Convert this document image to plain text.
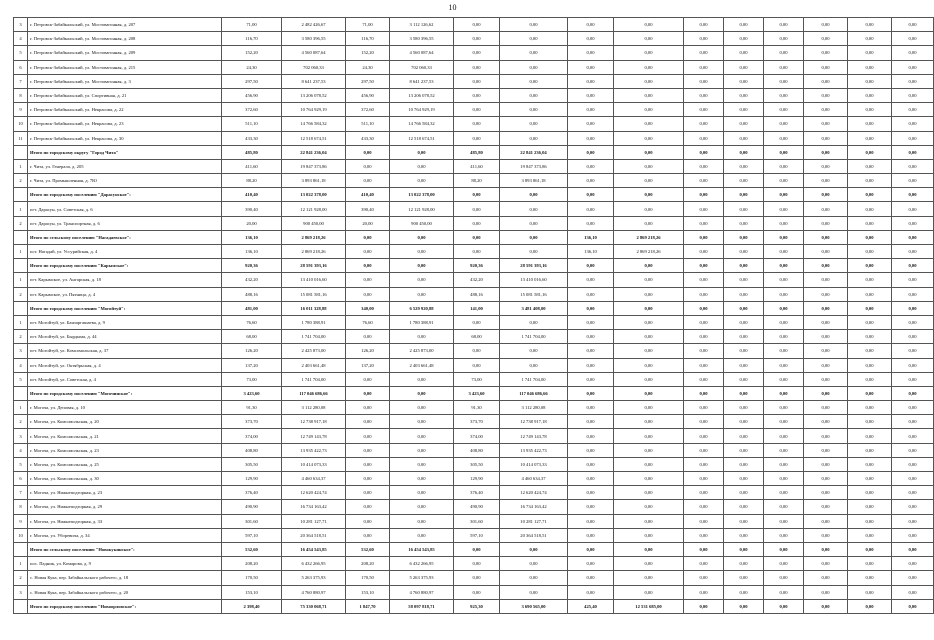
10
3	г. Петровск-Забайкальский, ул. Мостовагонная, д. 207	71,00	2 482 426,67	71,00	3 112 126,62	0,00	0,00	0,00	0,00	0,00	0,00	0,00	0,00	0,00	0,00
4	г. Петровск-Забайкальский, ул. Мостовагонная, д. 208	116,70	3 580 396,55	116,70	3 580 396,55	0,00	0,00	0,00	0,00	0,00	0,00	0,00	0,00	0,00	0,00
5	г. Петровск-Забайкальский, ул. Мостовагонная, д. 209	152,20	4 560 087,64	152,20	4 560 087,64	0,00	0,00	0,00	0,00	0,00	0,00	0,00	0,00	0,00	0,00
6	г. Петровск-Забайкальский, ул. Мостовагонная, д. 215	24,30	702 060,33	24,30	702 060,33	0,00	0,00	0,00	0,00	0,00	0,00	0,00	0,00	0,00	0,00
7	г. Петровск-Забайкальский, ул. Мостовагонная, д. 3	297,50	8 641 237,53	297,50	8 641 237,53	0,00	0,00	0,00	0,00	0,00	0,00	0,00	0,00	0,00	0,00
8	г. Петровск-Забайкальский, ул. Спортивная, д. 21	456,90	13 206 078,52	456,90	13 206 078,52	0,00	0,00	0,00	0,00	0,00	0,00	0,00	0,00	0,00	0,00
9	г. Петровск-Забайкальский, ул. Некрасова, д. 22	372,60	10 764 929,19	372,60	10 764 929,19	0,00	0,00	0,00	0,00	0,00	0,00	0,00	0,00	0,00	0,00
10	г. Петровск-Забайкальский, ул. Некрасова, д. 23	511,10	14 766 584,32	511,10	14 766 584,32	0,00	0,00	0,00	0,00	0,00	0,00	0,00	0,00	0,00	0,00
11	г. Петровск-Забайкальский, ул. Некрасова, д. 30	433,30	12 518 674,51	433,30	12 518 674,51	0,00	0,00	0,00	0,00	0,00	0,00	0,00	0,00	0,00	0,00
	Итого по городскому округу "Город Чита"	485,80	22 841 236,04	0,00	0,00	485,80	22 841 236,04	0,00	0,00	0,00	0,00	0,00	0,00	0,00	0,00
1	г. Чита, ул. Генерала, д. 205	411,60	19 847 373,86	0,00	0,00	411,60	19 847 373,86	0,00	0,00	0,00	0,00	0,00	0,00	0,00	0,00
2	г. Чита, ул. Промышленная, д. 7Ю	88,20	3 893 861,18	0,00	0,00	88,20	3 893 861,18	0,00	0,00	0,00	0,00	0,00	0,00	0,00	0,00
	Итого по городскому поселению "Дарасунское":	410,40	13 022 378,00	410,40	13 022 378,00	0,00	0,00	0,00	0,00	0,00	0,00	0,00	0,00	0,00	0,00
1	пгт. Дарасун, ул. Советская, д. 6	390,40	12 121 928,00	390,40	12 121 928,00	0,00	0,00	0,00	0,00	0,00	0,00	0,00	0,00	0,00	0,00
2	пгт. Дарасун, ул. Транспортная, д. 6	20,00	900 450,00	20,00	900 450,00	0,00	0,00	0,00	0,00	0,00	0,00	0,00	0,00	0,00	0,00
	Итого по сельскому поселению "Нагадаевское":	136,10	2 869 218,26	0,00	0,00	0,00	0,00	136,10	2 869 218,26	0,00	0,00	0,00	0,00	0,00	0,00
1	пст. Нагадай, ул. Уссурийская, д. 4	136,10	2 869 218,26	0,00	0,00	0,00	0,00	136,10	2 869 218,26	0,00	0,00	0,00	0,00	0,00	0,00
	Итого по городскому поселению "Карымское":	920,36	28 591 393,16	0,00	0,00	920,36	28 591 393,16	0,00	0,00	0,00	0,00	0,00	0,00	0,00	0,00
1	пгт. Карымское, ул. Ангарская, д. 18	432,20	13 410 016,60	0,00	0,00	432,20	13 410 016,60	0,00	0,00	0,00	0,00	0,00	0,00	0,00	0,00
2	пгт. Карымское, ул. Пятница, д. 4	488,16	15 081 581,16	0,00	0,00	488,16	15 081 581,16	0,00	0,00	0,00	0,00	0,00	0,00	0,00	0,00
	Итого по городскому поселению "Могойтуй":	481,00	16 011 328,88	340,00	6 529 920,88	141,00	3 481 408,00	0,00	0,00	0,00	0,00	0,00	0,00	0,00	0,00
1	пгт. Могойтуй, ул. Банзаргашаева, д. 9	76,60	1 780 388,91	76,60	1 780 388,91	0,00	0,00	0,00	0,00	0,00	0,00	0,00	0,00	0,00	0,00
2	пгт. Могойтуй, ул. Бырдыма, д. 44	68,00	1 741 704,00	0,00	0,00	68,00	1 741 704,00	0,00	0,00	0,00	0,00	0,00	0,00	0,00	0,00
3	пгт. Могойтуй, ул. Комсомольская, д. 37	126,20	2 425 873,00	126,20	2 425 873,00	0,00	0,00	0,00	0,00	0,00	0,00	0,00	0,00	0,00	0,00
4	пгт. Могойтуй, ул. Октябрьская, д. 4	137,20	2 403 661,48	137,20	2 403 661,48	0,00	0,00	0,00	0,00	0,00	0,00	0,00	0,00	0,00	0,00
5	пгт. Могойтуй, ул. Советская, д. 4	73,00	1 741 704,00	0,00	0,00	73,00	1 741 704,00	0,00	0,00	0,00	0,00	0,00	0,00	0,00	0,00
	Итого по городскому поселению "Могочинское":	3 423,60	117 046 686,66	0,00	0,00	3 423,60	117 046 686,66	0,00	0,00	0,00	0,00	0,00	0,00	0,00	0,00
1	г. Могоча, ул. Деповая, д. 10	91,30	3 112 280,08	0,00	0,00	91,30	3 112 280,08	0,00	0,00	0,00	0,00	0,00	0,00	0,00	0,00
2	г. Могоча, ул. Комсомольская, д. 20	373,70	12 738 917,18	0,00	0,00	373,70	12 738 917,18	0,00	0,00	0,00	0,00	0,00	0,00	0,00	0,00
3	г. Могоча, ул. Комсомольская, д. 21	374,00	12 749 143,78	0,00	0,00	374,00	12 749 143,78	0,00	0,00	0,00	0,00	0,00	0,00	0,00	0,00
4	г. Могоча, ул. Комсомольская, д. 23	408,80	13 935 422,73	0,00	0,00	408,80	13 935 422,73	0,00	0,00	0,00	0,00	0,00	0,00	0,00	0,00
5	г. Могоча, ул. Комсомольская, д. 25	305,50	10 414 073,33	0,00	0,00	305,50	10 414 073,33	0,00	0,00	0,00	0,00	0,00	0,00	0,00	0,00
6	г. Могоча, ул. Комсомольская, д. 30	129,90	4 460 634,37	0,00	0,00	129,90	4 460 634,37	0,00	0,00	0,00	0,00	0,00	0,00	0,00	0,00
7	г. Могоча, ул. Нижнеподгорная, д. 23	376,40	12 620 424,74	0,00	0,00	376,40	12 620 424,74	0,00	0,00	0,00	0,00	0,00	0,00	0,00	0,00
8	г. Могоча, ул. Нижнеподгорная, д. 29	490,90	16 734 163,42	0,00	0,00	490,90	16 734 163,42	0,00	0,00	0,00	0,00	0,00	0,00	0,00	0,00
9	г. Могоча, ул. Нижнеподгорная, д. 33	301,60	10 281 127,71	0,00	0,00	301,60	10 281 127,71	0,00	0,00	0,00	0,00	0,00	0,00	0,00	0,00
10	г. Могоча, ул. Уборевича, д. 34	597,10	20 364 518,51	0,00	0,00	597,10	20 364 518,51	0,00	0,00	0,00	0,00	0,00	0,00	0,00	0,00
	Итого по сельскому поселению "Новокукинское":	532,60	16 454 543,85	532,60	16 454 543,85	0,00	0,00	0,00	0,00	0,00	0,00	0,00	0,00	0,00	0,00
1	пос. Падник, ул. Комарова, д. 9	208,20	6 432 266,95	208,20	6 432 266,95	0,00	0,00	0,00	0,00	0,00	0,00	0,00	0,00	0,00	0,00
2	с. Новая Кука, пер. Забайкальского рабочего, д. 18	170,50	5 263 375,93	170,50	5 263 375,93	0,00	0,00	0,00	0,00	0,00	0,00	0,00	0,00	0,00	0,00
3	с. Новая Кука, пер. Забайкальского рабочего, д. 20	153,10	4 760 880,97	153,10	4 760 880,97	0,00	0,00	0,00	0,00	0,00	0,00	0,00	0,00	0,00	0,00
	Итого по городскому поселению "Новоорловское":	2 398,40	75 330 068,71	1 847,70	58 097 818,71	925,30	3 690 565,00	425,40	12 531 685,00	0,00	0,00	0,00	0,00	0,00	0,00
